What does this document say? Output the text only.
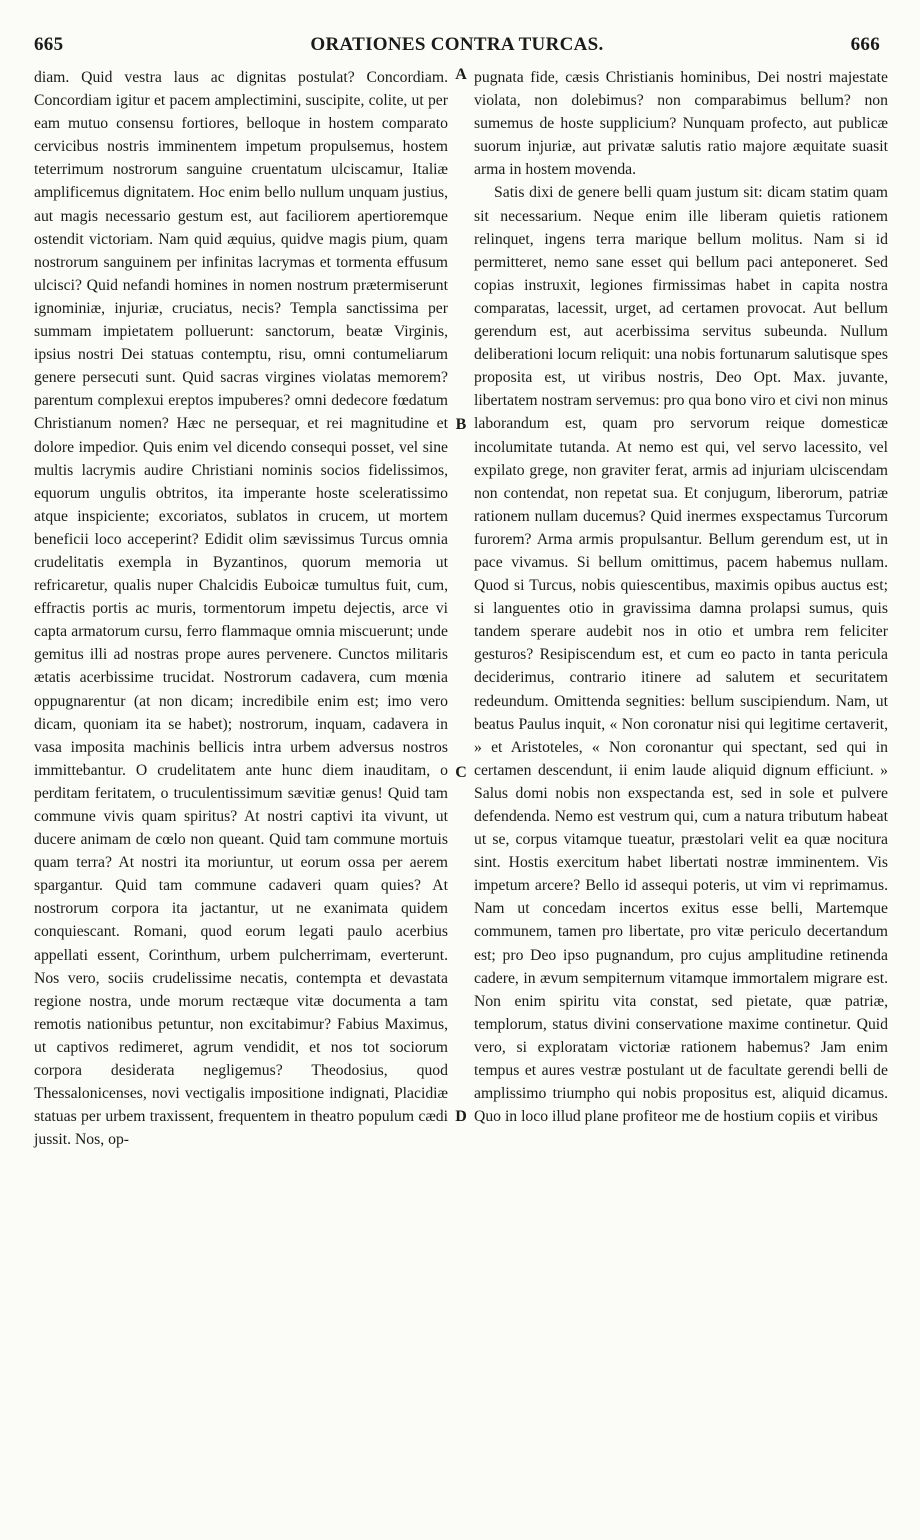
665	ORATIONES CONTRA TURCAS.	666

diam. Quid vestra laus ac dignitas postulat? Concordiam. Concordiam igitur et pacem amplectimini, suscipite, colite, ut per eam mutuo consensu fortiores, belloque in hostem comparato cervicibus nostris imminentem impetum propulsemus, hostem teterrimum nostrorum sanguine cruentatum ulciscamur, Italiæ amplificemus dignitatem. Hoc enim bello nullum unquam justius, aut magis necessario gestum est, aut faciliorem apertioremque ostendit victoriam. Nam quid æquius, quidve magis pium, quam nostrorum sanguinem per infinitas lacrymas et tormenta effusum ulcisci? Quid nefandi homines in nomen nostrum prætermiserunt ignominiæ, injuriæ, cruciatus, necis? Templa sanctissima per summam impietatem polluerunt: sanctorum, beatæ Virginis, ipsius nostri Dei statuas contemptu, risu, omni contumeliarum genere persecuti sunt. Quid sacras virgines violatas memorem? parentum complexui ereptos impuberes? omni dedecore fœdatum Christianum nomen? Hæc ne persequar, et rei magnitudine et dolore impedior. Quis enim vel dicendo consequi posset, vel sine multis lacrymis audire Christiani nominis socios fidelissimos, equorum ungulis obtritos, ita imperante hoste sceleratissimo atque inspiciente; excoriatos, sublatos in crucem, ut mortem beneficii loco acceperint? Edidit olim sævissimus Turcus omnia crudelitatis exempla in Byzantinos, quorum memoria ut refricaretur, qualis nuper Chalcidis Euboicæ tumultus fuit, cum, effractis portis ac muris, tormentorum impetu dejectis, arce vi capta armatorum cursu, ferro flammaque omnia miscuerunt; unde gemitus illi ad nostras prope aures pervenere. Cunctos militaris ætatis acerbissime trucidat. Nostrorum cadavera, cum mœnia oppugnarentur (at non dicam; incredibile enim est; imo vero dicam, quoniam ita se habet); nostrorum, inquam, cadavera in vasa imposita machinis bellicis intra urbem adversus nostros immittebantur. O crudelitatem ante hunc diem inauditam, o perditam feritatem, o truculentissimum sævitiæ genus! Quid tam commune vivis quam spiritus? At nostri captivi ita vivunt, ut ducere animam de cœlo non queant. Quid tam commune mortuis quam terra? At nostri ita moriuntur, ut eorum ossa per aerem spargantur. Quid tam commune cadaveri quam quies? At nostrorum corpora ita jactantur, ut ne exanimata quidem conquiescant. Romani, quod eorum legati paulo acerbius appellati essent, Corinthum, urbem pulcherrimam, everterunt. Nos vero, sociis crudelissime necatis, contempta et devastata regione nostra, unde morum rectæque vitæ documenta a tam remotis nationibus petuntur, non excitabimur? Fabius Maximus, ut captivos redimeret, agrum vendidit, et nos tot sociorum corpora desiderata negligemus? Theodosius, quod Thessalonicenses, novi vectigalis impositione indignati, Placidiæ statuas per urbem traxissent, frequentem in theatro populum cædi jussit. Nos, op-

A
B
C
D

pugnata fide, cæsis Christianis hominibus, Dei nostri majestate violata, non dolebimus? non comparabimus bellum? non sumemus de hoste supplicium? Nunquam profecto, aut publicæ suorum injuriæ, aut privatæ salutis ratio majore æquitate suasit arma in hostem movenda.

Satis dixi de genere belli quam justum sit: dicam statim quam sit necessarium. Neque enim ille liberam quietis rationem relinquet, ingens terra marique bellum molitus. Nam si id permitteret, nemo sane esset qui bellum paci anteponeret. Sed copias instruxit, legiones firmissimas habet in capita nostra comparatas, lacessit, urget, ad certamen provocat. Aut bellum gerendum est, aut acerbissima servitus subeunda. Nullum deliberationi locum reliquit: una nobis fortunarum salutisque spes proposita est, ut viribus nostris, Deo Opt. Max. juvante, libertatem nostram servemus: pro qua bono viro et civi non minus laborandum est, quam pro servorum reique domesticæ incolumitate tutanda. At nemo est qui, vel servo lacessito, vel expilato grege, non graviter ferat, armis ad injuriam ulciscendam non contendat, non repetat sua. Et conjugum, liberorum, patriæ rationem nullam ducemus? Quid inermes exspectamus Turcorum furorem? Arma armis propulsantur. Bellum gerendum est, ut in pace vivamus. Si bellum omittimus, pacem habemus nullam. Quod si Turcus, nobis quiescentibus, maximis opibus auctus est; si languentes otio in gravissima damna prolapsi sumus, quis tandem sperare audebit nos in otio et umbra rem feliciter gesturos? Resipiscendum est, et cum eo pacto in tanta pericula deciderimus, contrario itinere ad salutem et securitatem redeundum. Omittenda segnities: bellum suscipiendum. Nam, ut beatus Paulus inquit, « Non coronatur nisi qui legitime certaverit, » et Aristoteles, « Non coronantur qui spectant, sed qui in certamen descendunt, ii enim laude aliquid dignum efficiunt. » Salus domi nobis non exspectanda est, sed in sole et pulvere defendenda. Nemo est vestrum qui, cum a natura tributum habeat ut se, corpus vitamque tueatur, præstolari velit ea quæ nocitura sint. Hostis exercitum habet libertati nostræ imminentem. Vis impetum arcere? Bello id assequi poteris, ut vim vi reprimamus. Nam ut concedam incertos exitus esse belli, Martemque communem, tamen pro libertate, pro vitæ periculo decertandum est; pro Deo ipso pugnandum, pro cujus amplitudine retinenda cadere, in ævum sempiternum vitamque immortalem migrare est. Non enim spiritu vita constat, sed pietate, quæ patriæ, templorum, status divini conservatione maxime continetur. Quid vero, si exploratam victoriæ rationem habemus? Jam enim tempus et aures vestræ postulant ut de facultate gerendi belli de amplissimo triumpho qui nobis propositus est, aliquid dicamus. Quo in loco illud plane profiteor me de hostium copiis et viribus
